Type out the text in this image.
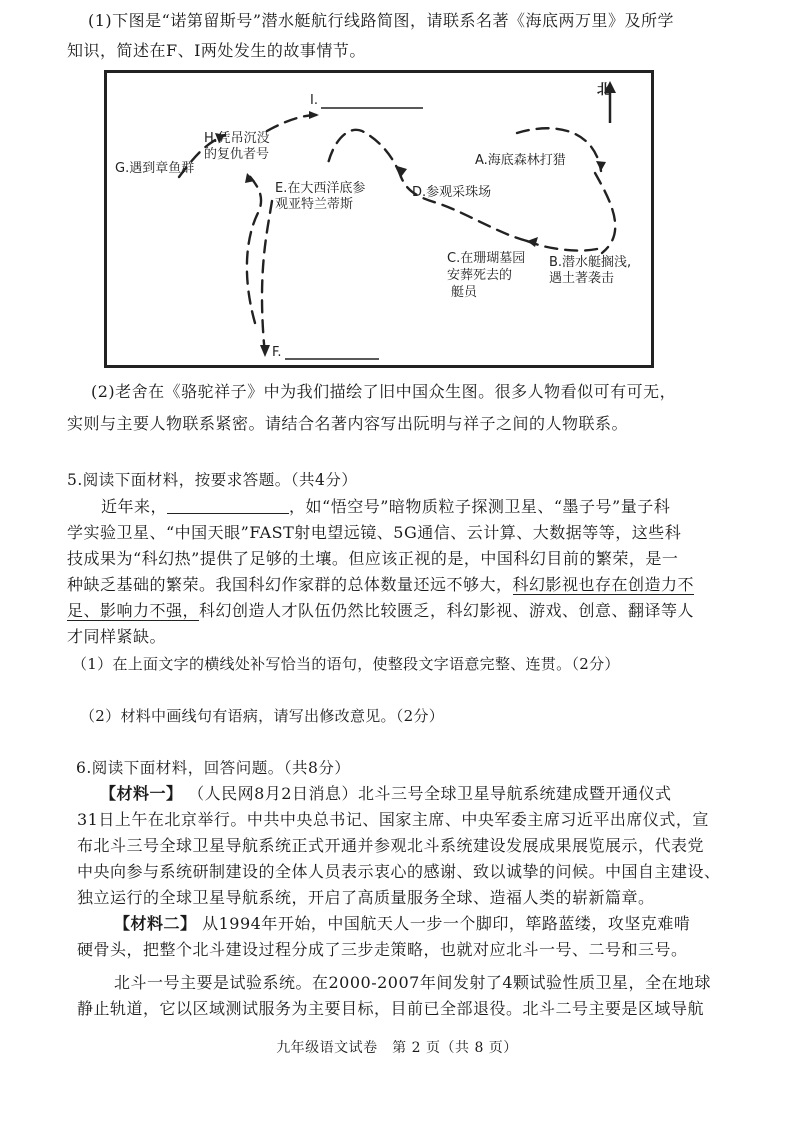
(1)下图是“诺第留斯号”潜水艇航行线路简图，请联系名著《海底两万里》及所学
知识，简述在F、I两处发生的故事情节。
北
I.
H.凭吊沉没
的复仇者号
G.遇到章鱼群
E.在大西洋底参
观亚特兰蒂斯
D.参观采珠场
A.海底森林打猎
C.在珊瑚墓园
安葬死去的
艇员
B.潜水艇搁浅,
遇土著袭击
F.
(2)老舍在《骆驼祥子》中为我们描绘了旧中国众生图。很多人物看似可有可无，
实则与主要人物联系紧密。请结合名著内容写出阮明与祥子之间的人物联系。
5.阅读下面材料，按要求答题。（共4分）
近年来，	，如“悟空号”暗物质粒子探测卫星、“墨子号”量子科
学实验卫星、“中国天眼”FAST射电望远镜、5G通信、云计算、大数据等等，这些科
技成果为“科幻热”提供了足够的土壤。但应该正视的是，中国科幻目前的繁荣，是一
种缺乏基础的繁荣。我国科幻作家群的总体数量还远不够大，科幻影视也存在创造力不
足、影响力不强，科幻创造人才队伍仍然比较匮乏，科幻影视、游戏、创意、翻译等人
才同样紧缺。
（1）在上面文字的横线处补写恰当的语句，使整段文字语意完整、连贯。（2分）
（2）材料中画线句有语病，请写出修改意见。（2分）
6.阅读下面材料，回答问题。（共8分）
【材料一】 （人民网8月2日消息）北斗三号全球卫星导航系统建成暨开通仪式
31日上午在北京举行。中共中央总书记、国家主席、中央军委主席习近平出席仪式，宣
布北斗三号全球卫星导航系统正式开通并参观北斗系统建设发展成果展览展示，代表党
中央向参与系统研制建设的全体人员表示衷心的感谢、致以诚挚的问候。中国自主建设、
独立运行的全球卫星导航系统，开启了高质量服务全球、造福人类的崭新篇章。
【材料二】 从1994年开始，中国航天人一步一个脚印，筚路蓝缕，攻坚克难啃
硬骨头，把整个北斗建设过程分成了三步走策略，也就对应北斗一号、二号和三号。
北斗一号主要是试验系统。在2000-2007年间发射了4颗试验性质卫星，全在地球
静止轨道，它以区域测试服务为主要目标，目前已全部退役。北斗二号主要是区域导航
九年级语文试卷　第 2 页（共 8 页）
